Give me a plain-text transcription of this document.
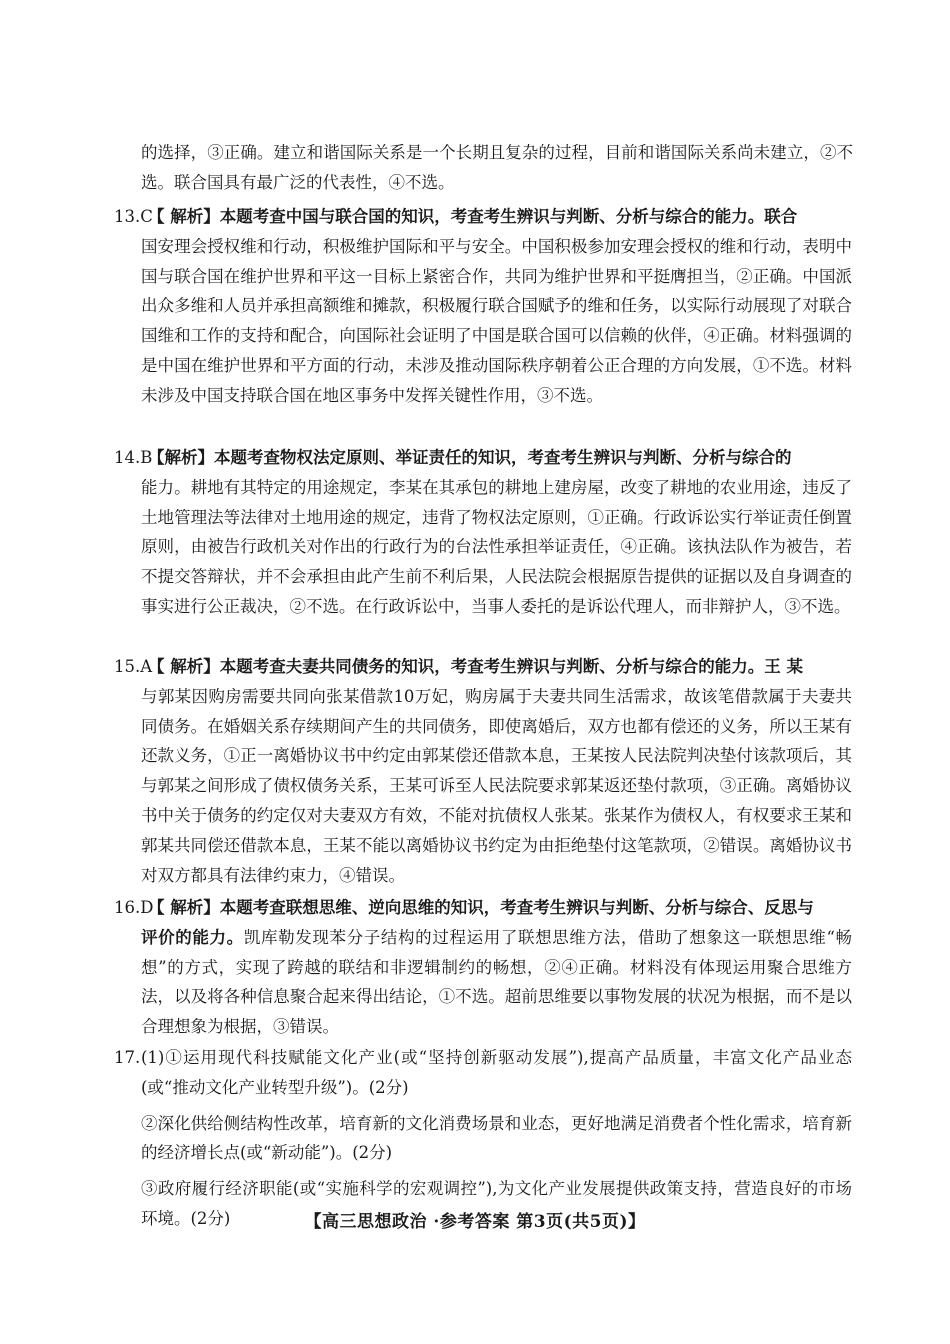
的选择，③正确。建立和谐国际关系是一个长期且复杂的过程，目前和谐国际关系尚未建立，②不选。联合国具有最广泛的代表性，④不选。
13.C
【 解析】本题考查中国与联合国的知识，考查考生辨识与判断、分析与综合的能力。联合
国安理会授权维和行动，积极维护国际和平与安全。中国积极参加安理会授权的维和行动，表明中国与联合国在维护世界和平这一目标上紧密合作，共同为维护世界和平挺膺担当，②正确。中国派出众多维和人员并承担高额维和摊款，积极履行联合国赋予的维和任务，以实际行动展现了对联合国维和工作的支持和配合，向国际社会证明了中国是联合国可以信赖的伙伴，④正确。材料强调的是中国在维护世界和平方面的行动，未涉及推动国际秩序朝着公正合理的方向发展，①不选。材料未涉及中国支持联合国在地区事务中发挥关键性作用，③不选。
14.B
【解析】本题考查物权法定原则、举证责任的知识，考查考生辨识与判断、分析与综合的
能力。耕地有其特定的用途规定，李某在其承包的耕地上建房屋，改变了耕地的农业用途，违反了土地管理法等法律对土地用途的规定，违背了物权法定原则，①正确。行政诉讼实行举证责任倒置原则，由被告行政机关对作出的行政行为的台法性承担举证责任，④正确。该执法队作为被告，若不提交答辩状，并不会承担由此产生前不利后果，人民法院会根据原告提供的证据以及自身调查的事实进行公正裁决，②不选。在行政诉讼中，当事人委托的是诉讼代理人，而非辩护人，③不选。
15.A
【 解析】本题考查夫妻共同债务的知识，考查考生辨识与判断、分析与综合的能力。王 某
与郭某因购房需要共同向张某借款10万妃，购房属于夫妻共同生活需求，故该笔借款属于夫妻共同债务。在婚姻关系存续期间产生的共同债务，即使离婚后，双方也都有偿还的义务，所以王某有还款义务，①正一离婚协议书中约定由郭某偿还借款本息，王某按人民法院判决垫付该款项后，其与郭某之间形成了债权债务关系，王某可诉至人民法院要求郭某返还垫付款项，③正确。离婚协议书中关于债务的约定仅对夫妻双方有效，不能对抗债权人张某。张某作为债权人，有权要求王某和郭某共同偿还借款本息，王某不能以离婚协议书约定为由拒绝垫付这笔款项，②错误。离婚协议书对双方都具有法律约束力，④错误。
16.D
【 解析】本题考查联想思维、逆向思维的知识，考查考生辨识与判断、分析与综合、反思与
评价的能力。凯库勒发现苯分子结构的过程运用了联想思维方法，借助了想象这一联想思维“畅想”的方式，实现了跨越的联结和非逻辑制约的畅想，②④正确。材料没有体现运用聚合思维方法，以及将各种信息聚合起来得出结论，①不选。超前思维要以事物发展的状况为根据，而不是以合理想象为根据，③错误。
17. (1)①运用现代科技赋能文化产业(或“坚持创新驱动发展”),提高产品质量，丰富文化产品业态(或“推动文化产业转型升级”)。(2分)
②深化供给侧结构性改革，培育新的文化消费场景和业态，更好地满足消费者个性化需求，培育新的经济增长点(或“新动能”)。(2分)
③政府履行经济职能(或“实施科学的宏观调控”),为文化产业发展提供政策支持，营造良好的市场环境。(2分)	【高三思想政治 ·参考答案 第3页(共5页)】
